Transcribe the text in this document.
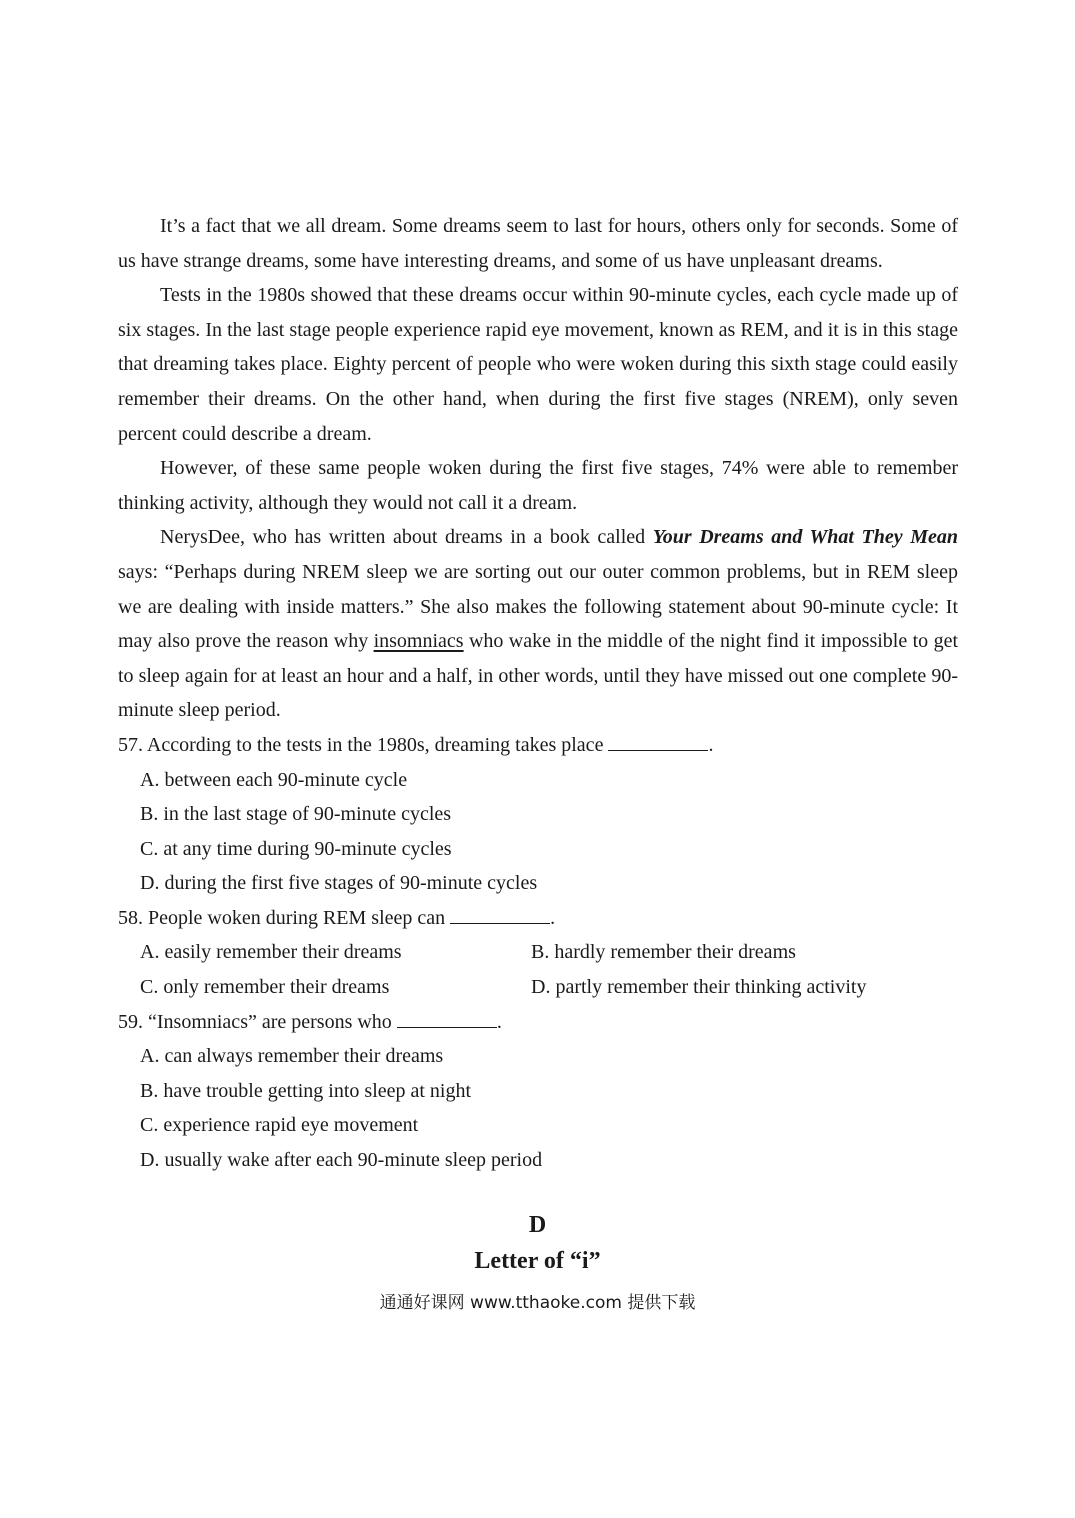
It’s a fact that we all dream. Some dreams seem to last for hours, others only for seconds. Some of us have strange dreams, some have interesting dreams, and some of us have unpleasant dreams.

Tests in the 1980s showed that these dreams occur within 90-minute cycles, each cycle made up of six stages. In the last stage people experience rapid eye movement, known as REM, and it is in this stage that dreaming takes place. Eighty percent of people who were woken during this sixth stage could easily remember their dreams. On the other hand, when during the first five stages (NREM), only seven percent could describe a dream.

However, of these same people woken during the first five stages, 74% were able to remember thinking activity, although they would not call it a dream.

NerysDee, who has written about dreams in a book called Your Dreams and What They Mean says: “Perhaps during NREM sleep we are sorting out our outer common problems, but in REM sleep we are dealing with inside matters.” She also makes the following statement about 90-minute cycle: It may also prove the reason why insomniacs who wake in the middle of the night find it impossible to get to sleep again for at least an hour and a half, in other words, until they have missed out one complete 90-minute sleep period.

57. According to the tests in the 1980s, dreaming takes place	.

A. between each 90-minute cycle

B. in the last stage of 90-minute cycles

C. at any time during 90-minute cycles

D. during the first five stages of 90-minute cycles

58. People woken during REM sleep can	.

A. easily remember their dreams	B. hardly remember their dreams
C. only remember their dreams	D. partly remember their thinking activity

59. “Insomniacs” are persons who	.

A. can always remember their dreams

B. have trouble getting into sleep at night

C. experience rapid eye movement

D. usually wake after each 90-minute sleep period

D
Letter of “i”
通通好课网 www.tthaoke.com 提供下载
